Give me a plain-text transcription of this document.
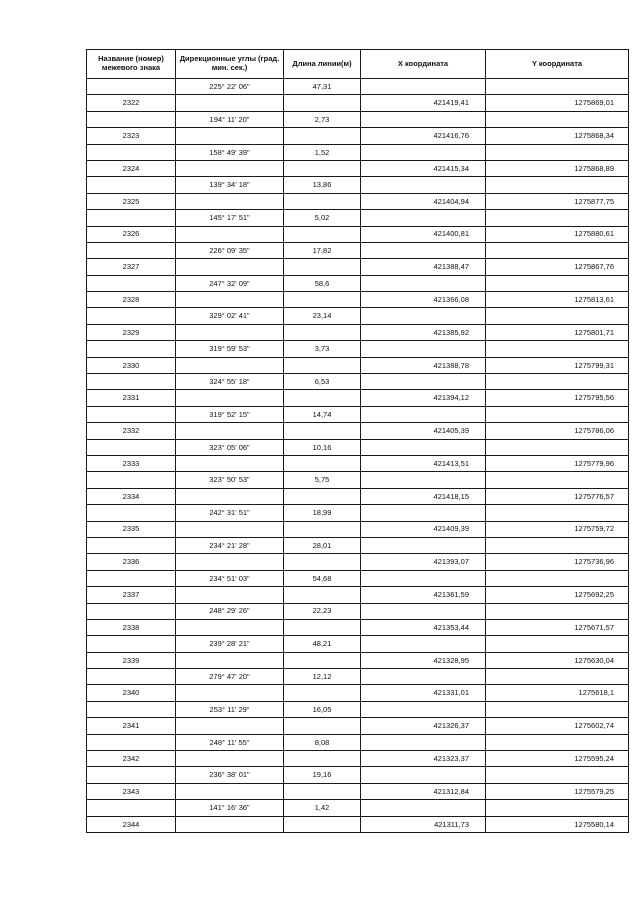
Название (номер) межевого знака	Дирекционные углы (град. мин. сек.)	Длина линии(м)	X координата	Y координата
	225° 22' 06"	47,31		
2322			421419,41	1275869,01
	194° 11' 20"	2,73		
2323			421416,76	1275868,34
	158° 49' 39"	1,52		
2324			421415,34	1275868,89
	139° 34' 18"	13,86		
2325			421404,94	1275877,75
	145° 17' 51"	5,02		
2326			421400,81	1275880,61
	226° 09' 35"	17,82		
2327			421388,47	1275867,76
	247° 32' 09"	58,6		
2328			421366,08	1275813,61
	329° 02' 41"	23,14		
2329			421385,92	1275801,71
	319° 59' 53"	3,73		
2330			421388,78	1275799,31
	324° 55' 18"	6,53		
2331			421394,12	1275795,56
	319° 52' 15"	14,74		
2332			421405,39	1275786,06
	323° 05' 06"	10,16		
2333			421413,51	1275779,96
	323° 50' 53"	5,75		
2334			421418,15	1275776,57
	242° 31' 51"	18,99		
2335			421409,39	1275759,72
	234° 21' 28"	28,01		
2336			421393,07	1275736,96
	234° 51' 03"	54,68		
2337			421361,59	1275692,25
	248° 29' 26"	22,23		
2338			421353,44	1275671,57
	239° 28' 21"	48,21		
2339			421328,95	1275630,04
	279° 47' 20"	12,12		
2340			421331,01	1275618,1
	253° 11' 29"	16,05		
2341			421326,37	1275602,74
	248° 11' 55"	8,08		
2342			421323,37	1275595,24
	236° 38' 01"	19,16		
2343			421312,84	1275579,25
	141° 16' 36"	1,42		
2344			421311,73	1275580,14
